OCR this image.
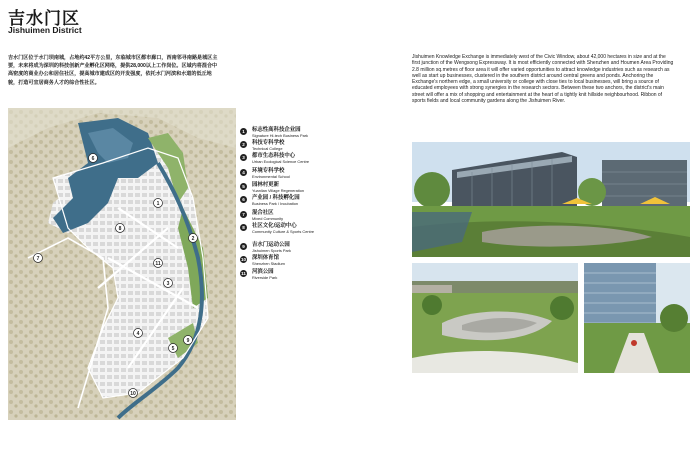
吉水门区
Jishuimen District
吉水门区位于水门坝南城，占地约42平方公里，东临城市区都市廊口，西南邻寻南路是城区主要，未来将成为深圳的科技创新产业孵化区网络，提供28,000以上工作岗位。区域内将混合中高密度的商业办公和居住社区，提高城市建成区的开发强度，依托水门河滨和水道的低丘地貌，打造可宜居商务人才的综合性社区。

Jishuimen Knowledge Exchange is immediately west of the Civic Window, about 42,000 hectares in size and at the first junction of the Wengsong Expressway. It is most efficiently connected with Shenzhen and Houmen Area Providing 2.8 million sq.metres of floor area it will offer varied opportunities to attract knowledge industries such as research as well as start up businesses, clustered in the southern district around central greens and ponds. Anchoring the Exchange's northern edge, a small university or college with close ties to local businesses, will bring a source of educated employees with strong synergies in the research sectors. Between these two anchors, the district's main street will offer a mix of shopping and entertainment at the heart of a tightly knit hillside neighbourhood. Ribbon of sports fields and local community gardens along the Jishuimen River.

1
2
3
4
5
6
7
8
9
10
11
1	标志性高科技企业园
Signature Hi-tech Business Park
2	科技专科学校
Technical College
3	都市生态科技中心
Urban Ecological Science Centre
4	环境专科学校
Environmental School
5	园林村更新
Yuanlian Village Regeneration
6	产业园 / 科技孵化园
Business Park / Incubation
7	混合社区
Mixed Community
8	社区文化/运动中心
Community Culture & Sports Centre
9	吉水门运动公园
Jishuimen Sports Park
10 深圳体育馆
Shenzhen Stadium
11 河滨公园
Riverside Park
